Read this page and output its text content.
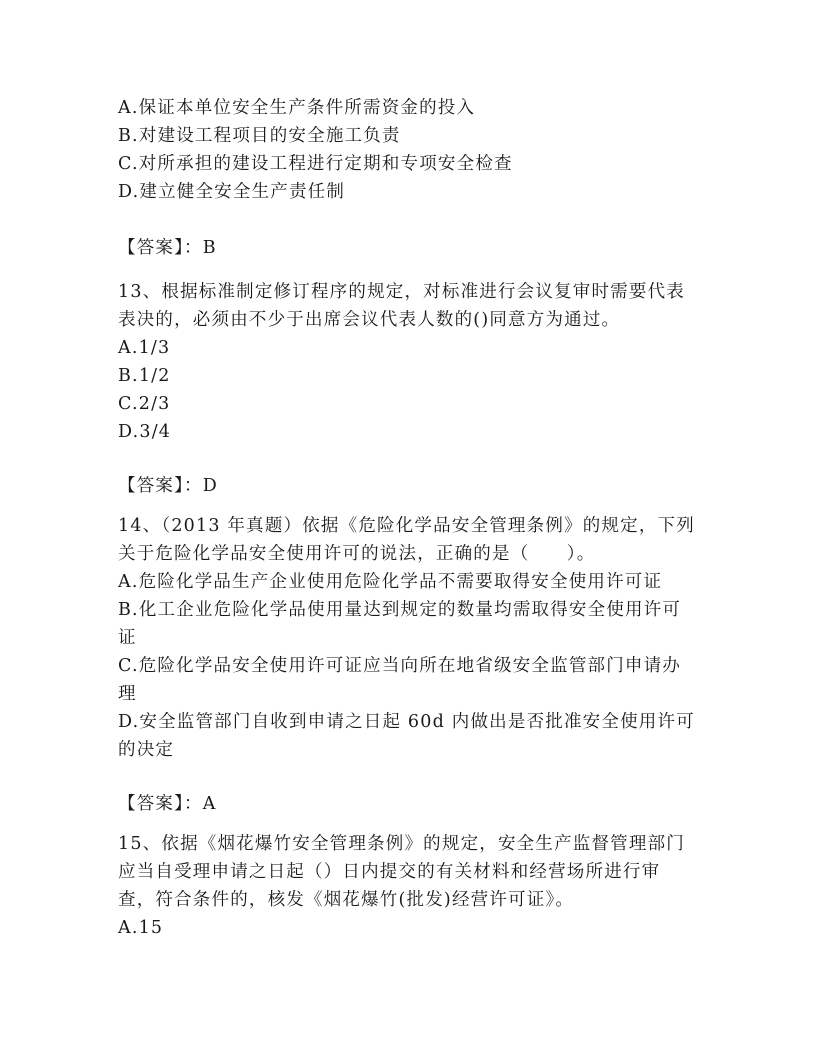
A.保证本单位安全生产条件所需资金的投入
B.对建设工程项目的安全施工负责
C.对所承担的建设工程进行定期和专项安全检查
D.建立健全安全生产责任制
【答案】：B
13、根据标准制定修订程序的规定，对标准进行会议复审时需要代表
表决的，必须由不少于出席会议代表人数的()同意方为通过。
A.1/3
B.1/2
C.2/3
D.3/4
【答案】：D
14、（2013 年真题）依据《危险化学品安全管理条例》的规定，下列
关于危险化学品安全使用许可的说法，正确的是（　　）。
A.危险化学品生产企业使用危险化学品不需要取得安全使用许可证
B.化工企业危险化学品使用量达到规定的数量均需取得安全使用许可
证
C.危险化学品安全使用许可证应当向所在地省级安全监管部门申请办
理
D.安全监管部门自收到申请之日起 60d 内做出是否批准安全使用许可
的决定
【答案】：A
15、依据《烟花爆竹安全管理条例》的规定，安全生产监督管理部门
应当自受理申请之日起（）日内提交的有关材料和经营场所进行审
查，符合条件的，核发《烟花爆竹(批发)经营许可证》。
A.15
